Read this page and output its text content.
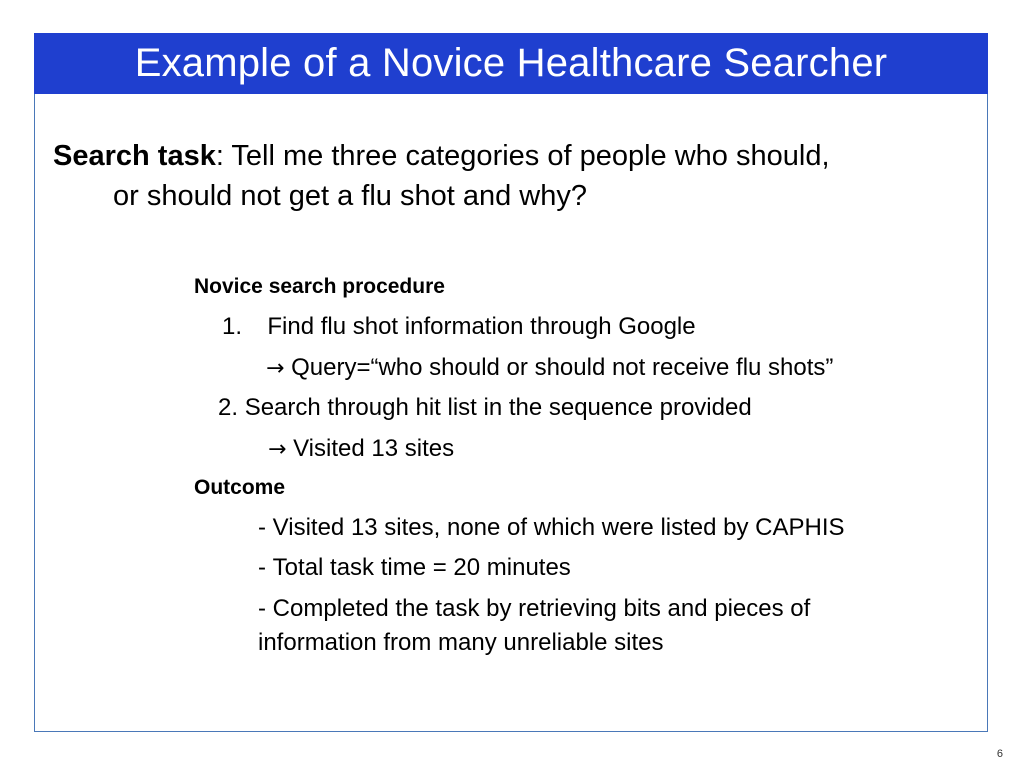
Example of a Novice Healthcare Searcher
Search task: Tell me three categories of people who should,
or should not get a flu shot and why?
Novice search procedure
1. Find flu shot information through Google
→ Query=“who should or should not receive flu shots”
2. Search through hit list in the sequence provided
→ Visited 13 sites
Outcome
- Visited 13 sites, none of which were listed by CAPHIS
- Total task time = 20 minutes
- Completed the task by retrieving bits and pieces of
information from many unreliable sites
6
